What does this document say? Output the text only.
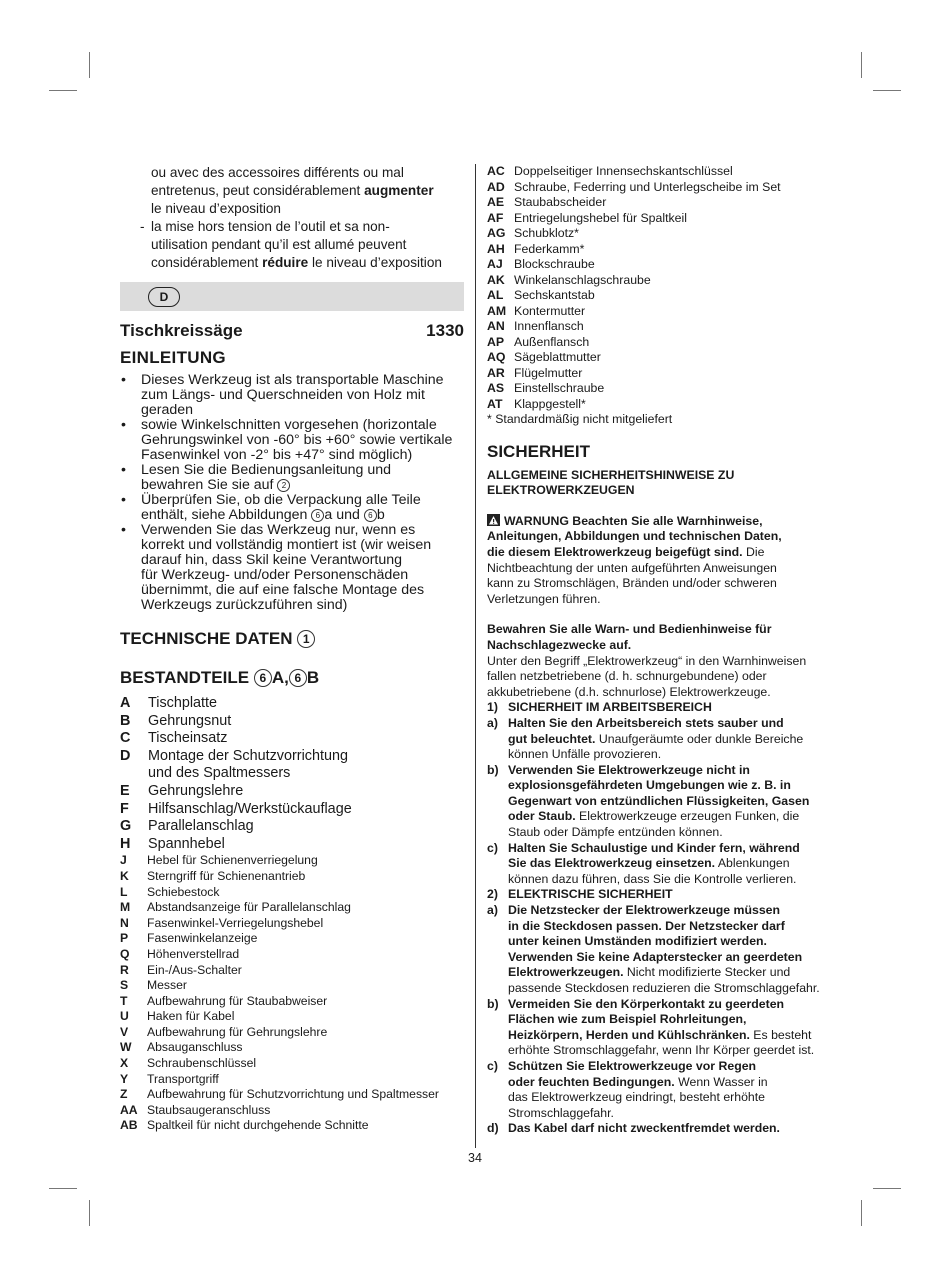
ou avec des accessoires différents ou mal
entretenus, peut considérablement augmenter
le niveau d’exposition
- la mise hors tension de l’outil et sa non-
utilisation pendant qu’il est allumé peuvent
considérablement réduire le niveau d’exposition
D
Tischkreissäge	1330
EINLEITUNG
• Dieses Werkzeug ist als transportable Maschine
zum Längs- und Querschneiden von Holz mit
geraden
• sowie Winkelschnitten vorgesehen (horizontale
Gehrungswinkel von -60° bis +60° sowie vertikale
Fasenwinkel von -2° bis +47° sind möglich)
• Lesen Sie die Bedienungsanleitung und
bewahren Sie sie auf 2
• Überprüfen Sie, ob die Verpackung alle Teile
enthält, siehe Abbildungen 6 a und 6 b
• Verwenden Sie das Werkzeug nur, wenn es
korrekt und vollständig montiert ist (wir weisen
darauf hin, dass Skil keine Verantwortung
für Werkzeug- und/oder Personenschäden
übernimmt, die auf eine falsche Montage des
Werkzeugs zurückzuführen sind)
TECHNISCHE DATEN 1
BESTANDTEILE 6 A, 6 B
A	Tischplatte
B	Gehrungsnut
C	Tischeinsatz
D	Montage der Schutzvorrichtung
und des Spaltmessers
E	Gehrungslehre
F	Hilfsanschlag/Werkstückauflage
G	Parallelanschlag
H	Spannhebel
J	Hebel für Schienenverriegelung
K	Sterngriff für Schienenantrieb
L	Schiebestock
M	Abstandsanzeige für Parallelanschlag
N	Fasenwinkel-Verriegelungshebel
P	Fasenwinkelanzeige
Q	Höhenverstellrad
R	Ein-/Aus-Schalter
S	Messer
T	Aufbewahrung für Staubabweiser
U	Haken für Kabel
V	Aufbewahrung für Gehrungslehre
W	Absauganschluss
X	Schraubenschlüssel
Y	Transportgriff
Z	Aufbewahrung für Schutzvorrichtung und Spaltmesser
AA Staubsaugeranschluss
AB Spaltkeil für nicht durchgehende Schnitte
AC Doppelseitiger Innensechskantschlüssel
AD Schraube, Federring und Unterlegscheibe im Set
AE Staubabscheider
AF Entriegelungshebel für Spaltkeil
AG Schubklotz*
AH Federkamm*
AJ Blockschraube
AK Winkelanschlagschraube
AL Sechskantstab
AM Kontermutter
AN Innenflansch
AP Außenflansch
AQ Sägeblattmutter
AR Flügelmutter
AS Einstellschraube
AT Klappgestell*
* Standardmäßig nicht mitgeliefert
SICHERHEIT
ALLGEMEINE SICHERHEITSHINWEISE ZU
ELEKTROWERKZEUGEN
WARNUNG Beachten Sie alle Warnhinweise,
Anleitungen, Abbildungen und technischen Daten,
die diesem Elektrowerkzeug beigefügt sind. Die
Nichtbeachtung der unten aufgeführten Anweisungen
kann zu Stromschlägen, Bränden und/oder schweren
Verletzungen führen.
Bewahren Sie alle Warn- und Bedienhinweise für
Nachschlagezwecke auf.
Unter den Begriff „Elektrowerkzeug“ in den Warnhinweisen
fallen netzbetriebene (d. h. schnurgebundene) oder
akkubetriebene (d.h. schnurlose) Elektrowerkzeuge.
1) SICHERHEIT IM ARBEITSBEREICH
a) Halten Sie den Arbeitsbereich stets sauber und
gut beleuchtet. Unaufgeräumte oder dunkle Bereiche
können Unfälle provozieren.
b) Verwenden Sie Elektrowerkzeuge nicht in
explosionsgefährdeten Umgebungen wie z. B. in
Gegenwart von entzündlichen Flüssigkeiten, Gasen
oder Staub. Elektrowerkzeuge erzeugen Funken, die
Staub oder Dämpfe entzünden können.
c) Halten Sie Schaulustige und Kinder fern, während
Sie das Elektrowerkzeug einsetzen. Ablenkungen
können dazu führen, dass Sie die Kontrolle verlieren.
2) ELEKTRISCHE SICHERHEIT
a) Die Netzstecker der Elektrowerkzeuge müssen
in die Steckdosen passen. Der Netzstecker darf
unter keinen Umständen modifiziert werden.
Verwenden Sie keine Adapterstecker an geerdeten
Elektrowerkzeugen. Nicht modifizierte Stecker und
passende Steckdosen reduzieren die Stromschlaggefahr.
b) Vermeiden Sie den Körperkontakt zu geerdeten
Flächen wie zum Beispiel Rohrleitungen,
Heizkörpern, Herden und Kühlschränken. Es besteht
erhöhte Stromschlaggefahr, wenn Ihr Körper geerdet ist.
c) Schützen Sie Elektrowerkzeuge vor Regen
oder feuchten Bedingungen. Wenn Wasser in
das Elektrowerkzeug eindringt, besteht erhöhte
Stromschlaggefahr.
d) Das Kabel darf nicht zweckentfremdet werden.
34
